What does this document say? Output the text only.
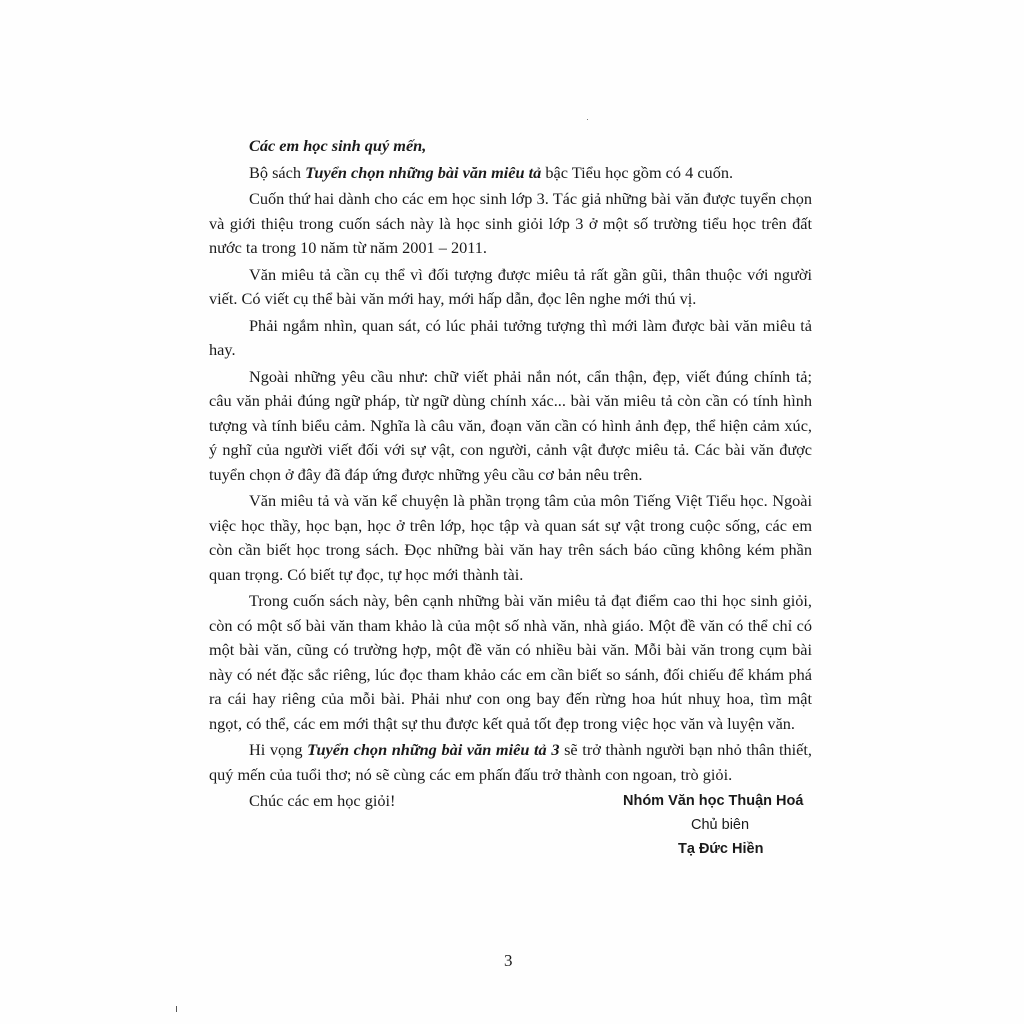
Các em học sinh quý mến,

Bộ sách Tuyển chọn những bài văn miêu tả bậc Tiểu học gồm có 4 cuốn.

Cuốn thứ hai dành cho các em học sinh lớp 3. Tác giả những bài văn được tuyển chọn và giới thiệu trong cuốn sách này là học sinh giỏi lớp 3 ở một số trường tiểu học trên đất nước ta trong 10 năm từ năm 2001 – 2011.

Văn miêu tả cần cụ thể vì đối tượng được miêu tả rất gần gũi, thân thuộc với người viết. Có viết cụ thể bài văn mới hay, mới hấp dẫn, đọc lên nghe mới thú vị.

Phải ngắm nhìn, quan sát, có lúc phải tưởng tượng thì mới làm được bài văn miêu tả hay.

Ngoài những yêu cầu như: chữ viết phải nắn nót, cẩn thận, đẹp, viết đúng chính tả; câu văn phải đúng ngữ pháp, từ ngữ dùng chính xác... bài văn miêu tả còn cần có tính hình tượng và tính biểu cảm. Nghĩa là câu văn, đoạn văn cần có hình ảnh đẹp, thể hiện cảm xúc, ý nghĩ của người viết đối với sự vật, con người, cảnh vật được miêu tả. Các bài văn được tuyển chọn ở đây đã đáp ứng được những yêu cầu cơ bản nêu trên.

Văn miêu tả và văn kể chuyện là phần trọng tâm của môn Tiếng Việt Tiểu học. Ngoài việc học thầy, học bạn, học ở trên lớp, học tập và quan sát sự vật trong cuộc sống, các em còn cần biết học trong sách. Đọc những bài văn hay trên sách báo cũng không kém phần quan trọng. Có biết tự đọc, tự học mới thành tài.

Trong cuốn sách này, bên cạnh những bài văn miêu tả đạt điểm cao thi học sinh giỏi, còn có một số bài văn tham khảo là của một số nhà văn, nhà giáo. Một đề văn có thể chỉ có một bài văn, cũng có trường hợp, một đề văn có nhiều bài văn. Mỗi bài văn trong cụm bài này có nét đặc sắc riêng, lúc đọc tham khảo các em cần biết so sánh, đối chiếu để khám phá ra cái hay riêng của mỗi bài. Phải như con ong bay đến rừng hoa hút nhuỵ hoa, tìm mật ngọt, có thể, các em mới thật sự thu được kết quả tốt đẹp trong việc học văn và luyện văn.

Hi vọng Tuyển chọn những bài văn miêu tả 3 sẽ trở thành người bạn nhỏ thân thiết, quý mến của tuổi thơ; nó sẽ cùng các em phấn đấu trở thành con ngoan, trò giỏi.

Chúc các em học giỏi!	Nhóm Văn học Thuận Hoá
Chủ biên
Tạ Đức Hiền
3
